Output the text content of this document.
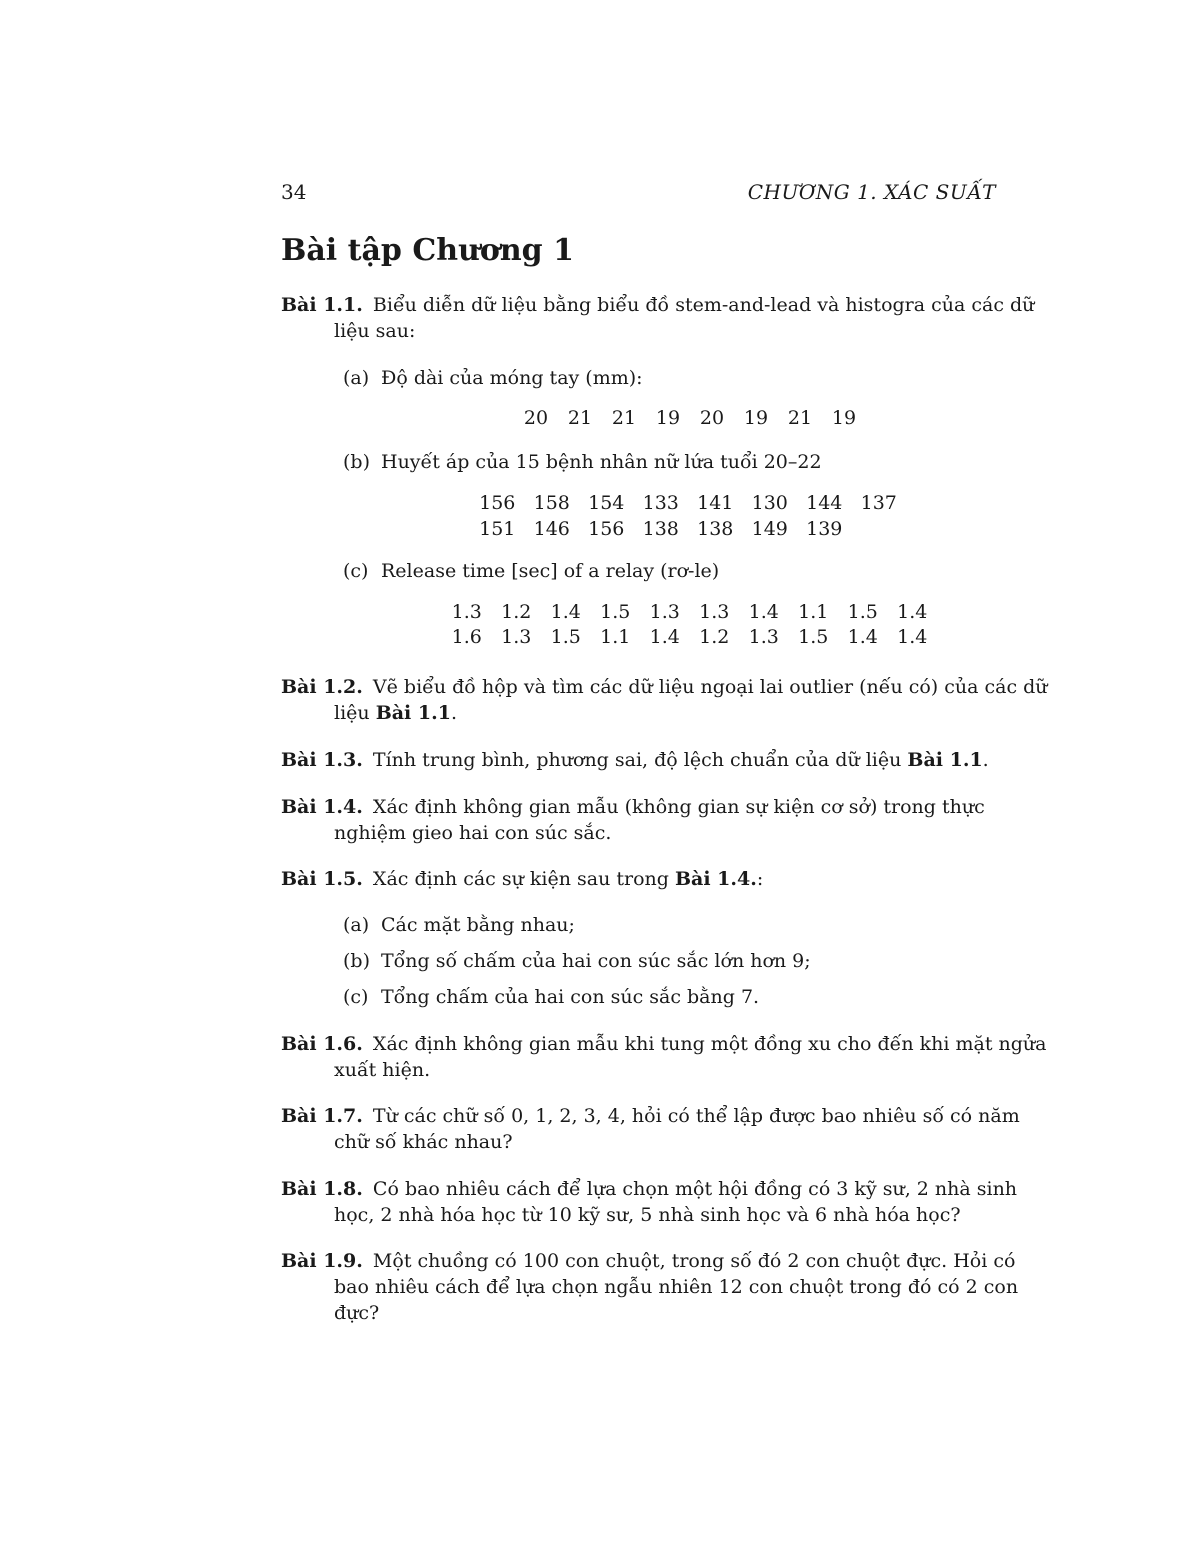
34	CHƯƠNG 1. XÁC SUẤT
Bài tập Chương 1

Bài 1.1. Biểu diễn dữ liệu bằng biểu đồ stem-and-lead và histogra của các dữ liệu sau:

(a) Độ dài của móng tay (mm):
20 21 21 19 20 19 21 19
(b) Huyết áp của 15 bệnh nhân nữ lứa tuổi 20–22
156 158 154 133 141 130 144 137
151 146 156 138 138 149 139
(c) Release time [sec] of a relay (rơ-le)
1.3 1.2 1.4 1.5 1.3 1.3 1.4 1.1 1.5 1.4
1.6 1.3 1.5 1.1 1.4 1.2 1.3 1.5 1.4 1.4

Bài 1.2. Vẽ biểu đồ hộp và tìm các dữ liệu ngoại lai outlier (nếu có) của các dữ liệu Bài 1.1.

Bài 1.3. Tính trung bình, phương sai, độ lệch chuẩn của dữ liệu Bài 1.1.

Bài 1.4. Xác định không gian mẫu (không gian sự kiện cơ sở) trong thực nghiệm gieo hai con súc sắc.

Bài 1.5. Xác định các sự kiện sau trong Bài 1.4.:

(a) Các mặt bằng nhau;
(b) Tổng số chấm của hai con súc sắc lớn hơn 9;
(c) Tổng chấm của hai con súc sắc bằng 7.

Bài 1.6. Xác định không gian mẫu khi tung một đồng xu cho đến khi mặt ngửa xuất hiện.

Bài 1.7. Từ các chữ số 0, 1, 2, 3, 4, hỏi có thể lập được bao nhiêu số có năm chữ số khác nhau?

Bài 1.8. Có bao nhiêu cách để lựa chọn một hội đồng có 3 kỹ sư, 2 nhà sinh học, 2 nhà hóa học từ 10 kỹ sư, 5 nhà sinh học và 6 nhà hóa học?

Bài 1.9. Một chuồng có 100 con chuột, trong số đó 2 con chuột đực. Hỏi có bao nhiêu cách để lựa chọn ngẫu nhiên 12 con chuột trong đó có 2 con đực?
